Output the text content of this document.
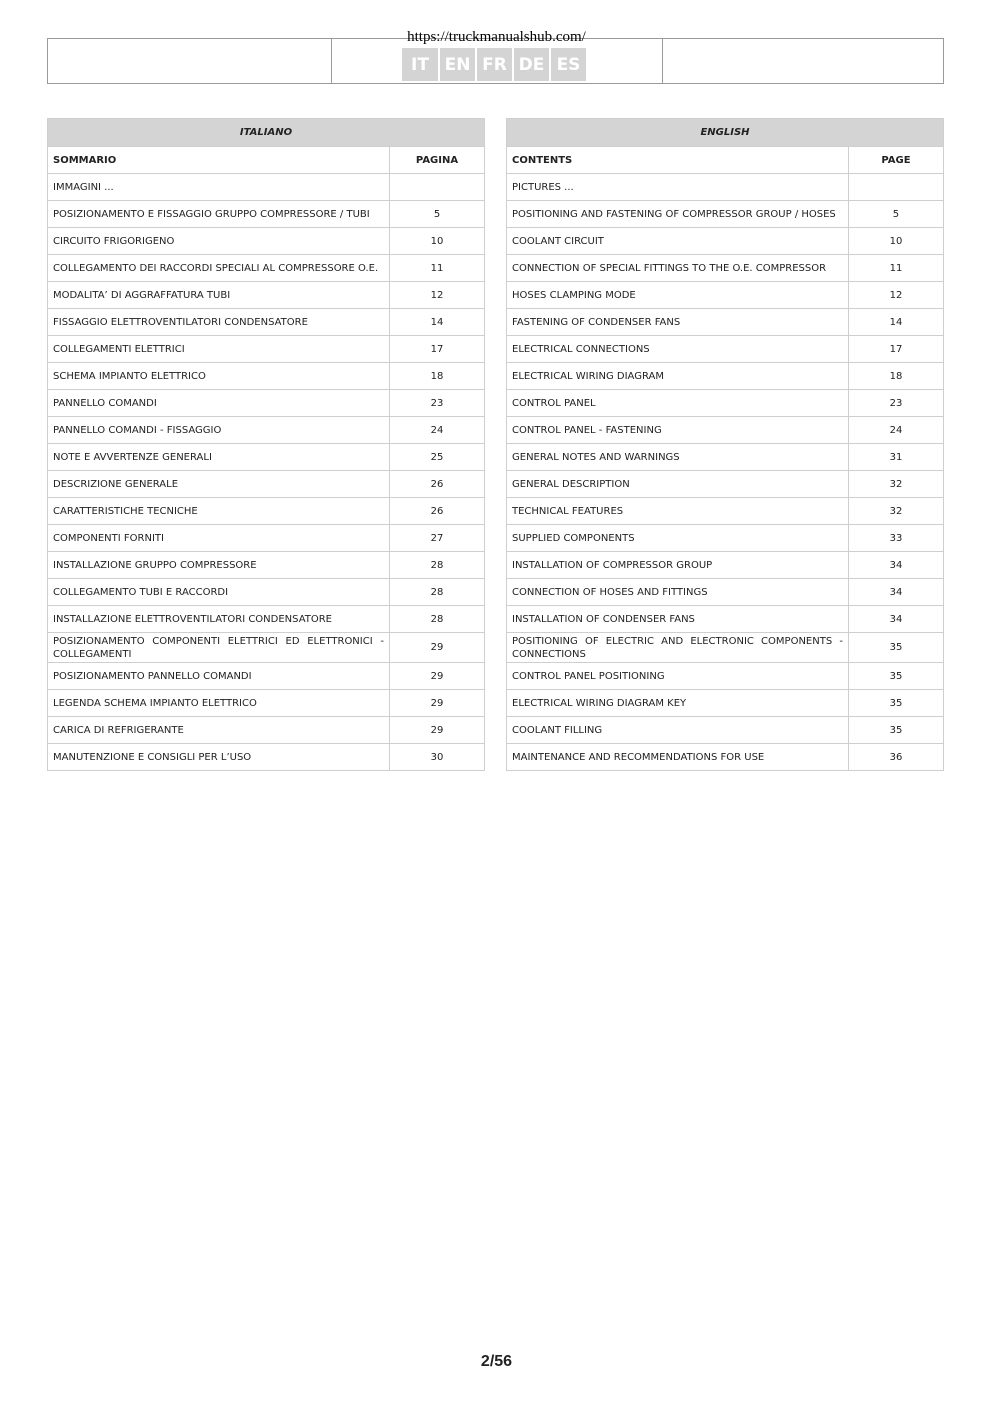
https://truckmanualshub.com/
IT EN FR DE ES
ITALIANO	
SOMMARIO	PAGINA
IMMAGINI ...	
POSIZIONAMENTO E FISSAGGIO GRUPPO COMPRESSORE / TUBI	5
CIRCUITO FRIGORIGENO	10
COLLEGAMENTO DEI RACCORDI SPECIALI AL COMPRESSORE O.E.	11
MODALITA’ DI AGGRAFFATURA TUBI	12
FISSAGGIO ELETTROVENTILATORI CONDENSATORE	14
COLLEGAMENTI ELETTRICI	17
SCHEMA IMPIANTO ELETTRICO	18
PANNELLO COMANDI	23
PANNELLO COMANDI - FISSAGGIO	24
NOTE E AVVERTENZE GENERALI	25
DESCRIZIONE GENERALE	26
CARATTERISTICHE TECNICHE	26
COMPONENTI FORNITI	27
INSTALLAZIONE GRUPPO COMPRESSORE	28
COLLEGAMENTO TUBI E RACCORDI	28
INSTALLAZIONE ELETTROVENTILATORI CONDENSATORE	28
POSIZIONAMENTO COMPONENTI ELETTRICI ED ELETTRONICI - COLLEGAMENTI	29
POSIZIONAMENTO PANNELLO COMANDI	29
LEGENDA SCHEMA IMPIANTO ELETTRICO	29
CARICA DI REFRIGERANTE	29
MANUTENZIONE E CONSIGLI PER L’USO	30
ENGLISH	
CONTENTS	PAGE
PICTURES ...	
POSITIONING AND FASTENING OF COMPRESSOR GROUP / HOSES	5
COOLANT CIRCUIT	10
CONNECTION OF SPECIAL FITTINGS TO THE O.E. COMPRESSOR	11
HOSES CLAMPING MODE	12
FASTENING OF CONDENSER FANS	14
ELECTRICAL CONNECTIONS	17
ELECTRICAL WIRING DIAGRAM	18
CONTROL PANEL	23
CONTROL PANEL - FASTENING	24
GENERAL NOTES AND WARNINGS	31
GENERAL DESCRIPTION	32
TECHNICAL FEATURES	32
SUPPLIED COMPONENTS	33
INSTALLATION OF COMPRESSOR GROUP	34
CONNECTION OF HOSES AND FITTINGS	34
INSTALLATION OF CONDENSER FANS	34
POSITIONING OF ELECTRIC AND ELECTRONIC COMPONENTS - CONNECTIONS	35
CONTROL PANEL POSITIONING	35
ELECTRICAL WIRING DIAGRAM KEY	35
COOLANT FILLING	35
MAINTENANCE AND RECOMMENDATIONS FOR USE	36
2/56
